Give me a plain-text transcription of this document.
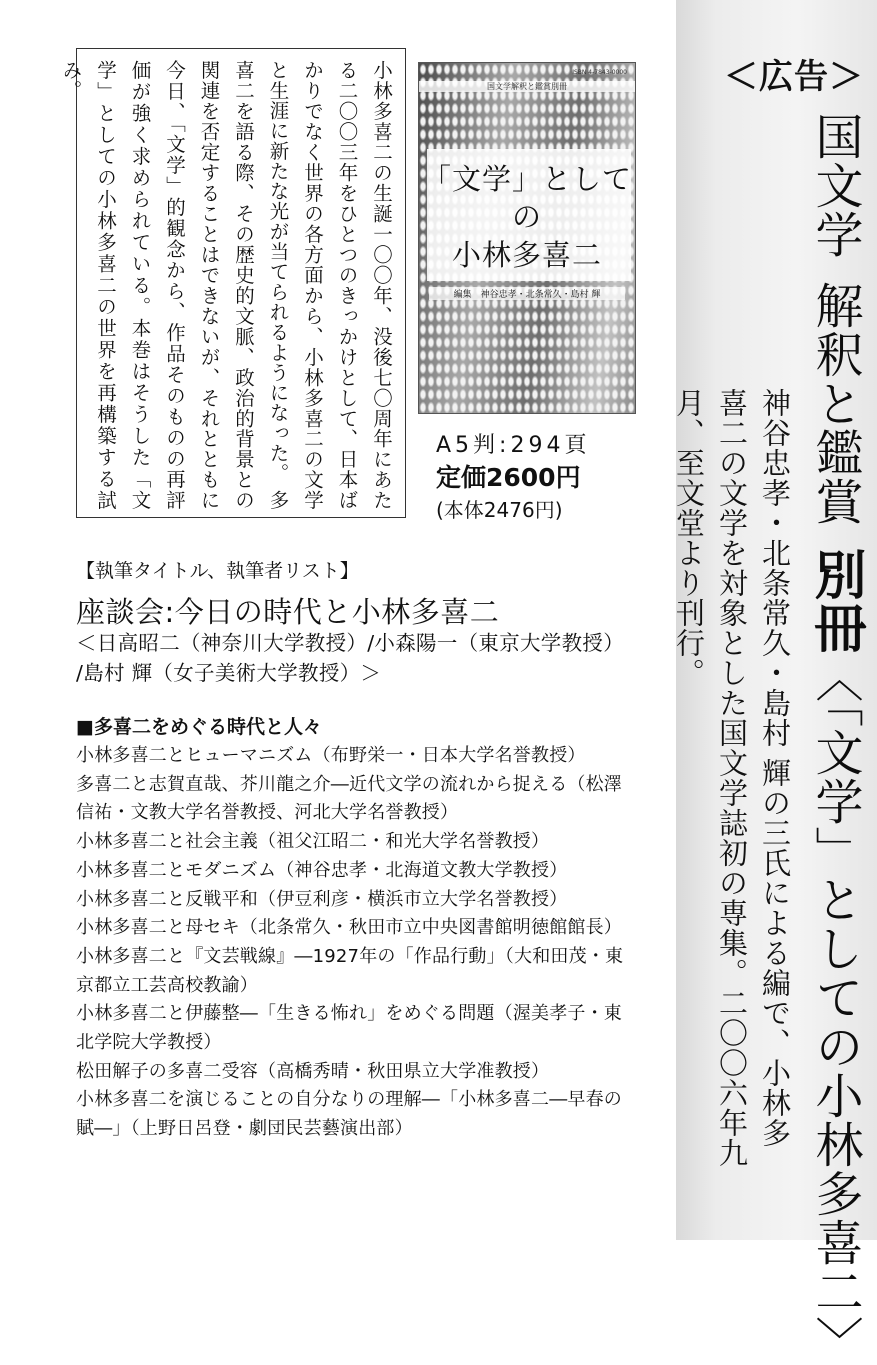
＜広告＞
国文学解釈と鑑賞別冊〈「文学」としての小林多喜二〉
神谷忠孝・北条常久・島村 輝の三氏による編で、小林多喜二の文学を対象とした国文学誌初の専集。二〇〇六年九月、至文堂より刊行。
小林多喜二の生誕一〇〇年、没後七〇周年にあたる二〇〇三年をひとつのきっかけとして、日本ばかりでなく世界の各方面から、小林多喜二の文学と生涯に新たな光が当てられるようになった。 多喜二を語る際、その歴史的文脈、政治的背景との関連を否定することはできないが、それとともに今日、「文学」的観念から、作品そのものの再評価が強く求められている。本巻はそうした「文学」としての小林多喜二の世界を再構築する試み。	ISBN 4-7843-0000
国文学解釈と鑑賞別冊
「文学」として
の
小林多喜二
編集　神谷忠孝・北条常久・島村 輝
A5判:294頁
定価2600円
(本体2476円)
【執筆タイトル、執筆者リスト】
座談会:今日の時代と小林多喜二
＜日高昭二（神奈川大学教授）/小森陽一（東京大学教授）
/島村 輝（女子美術大学教授）＞
■多喜二をめぐる時代と人々

小林多喜二とヒューマニズム（布野栄一・日本大学名誉教授）

多喜二と志賀直哉、芥川龍之介―近代文学の流れから捉える（松澤信祐・文教大学名誉教授、河北大学名誉教授）

小林多喜二と社会主義（祖父江昭二・和光大学名誉教授）

小林多喜二とモダニズム（神谷忠孝・北海道文教大学教授）

小林多喜二と反戦平和（伊豆利彦・横浜市立大学名誉教授）

小林多喜二と母セキ（北条常久・秋田市立中央図書館明徳館館長）

小林多喜二と『文芸戦線』―1927年の「作品行動」（大和田茂・東京都立工芸高校教諭）

小林多喜二と伊藤整―「生きる怖れ」をめぐる問題（渥美孝子・東北学院大学教授）

松田解子の多喜二受容（高橋秀晴・秋田県立大学准教授）

小林多喜二を演じることの自分なりの理解―「小林多喜二―早春の賦―」（上野日呂登・劇団民芸藝演出部）
